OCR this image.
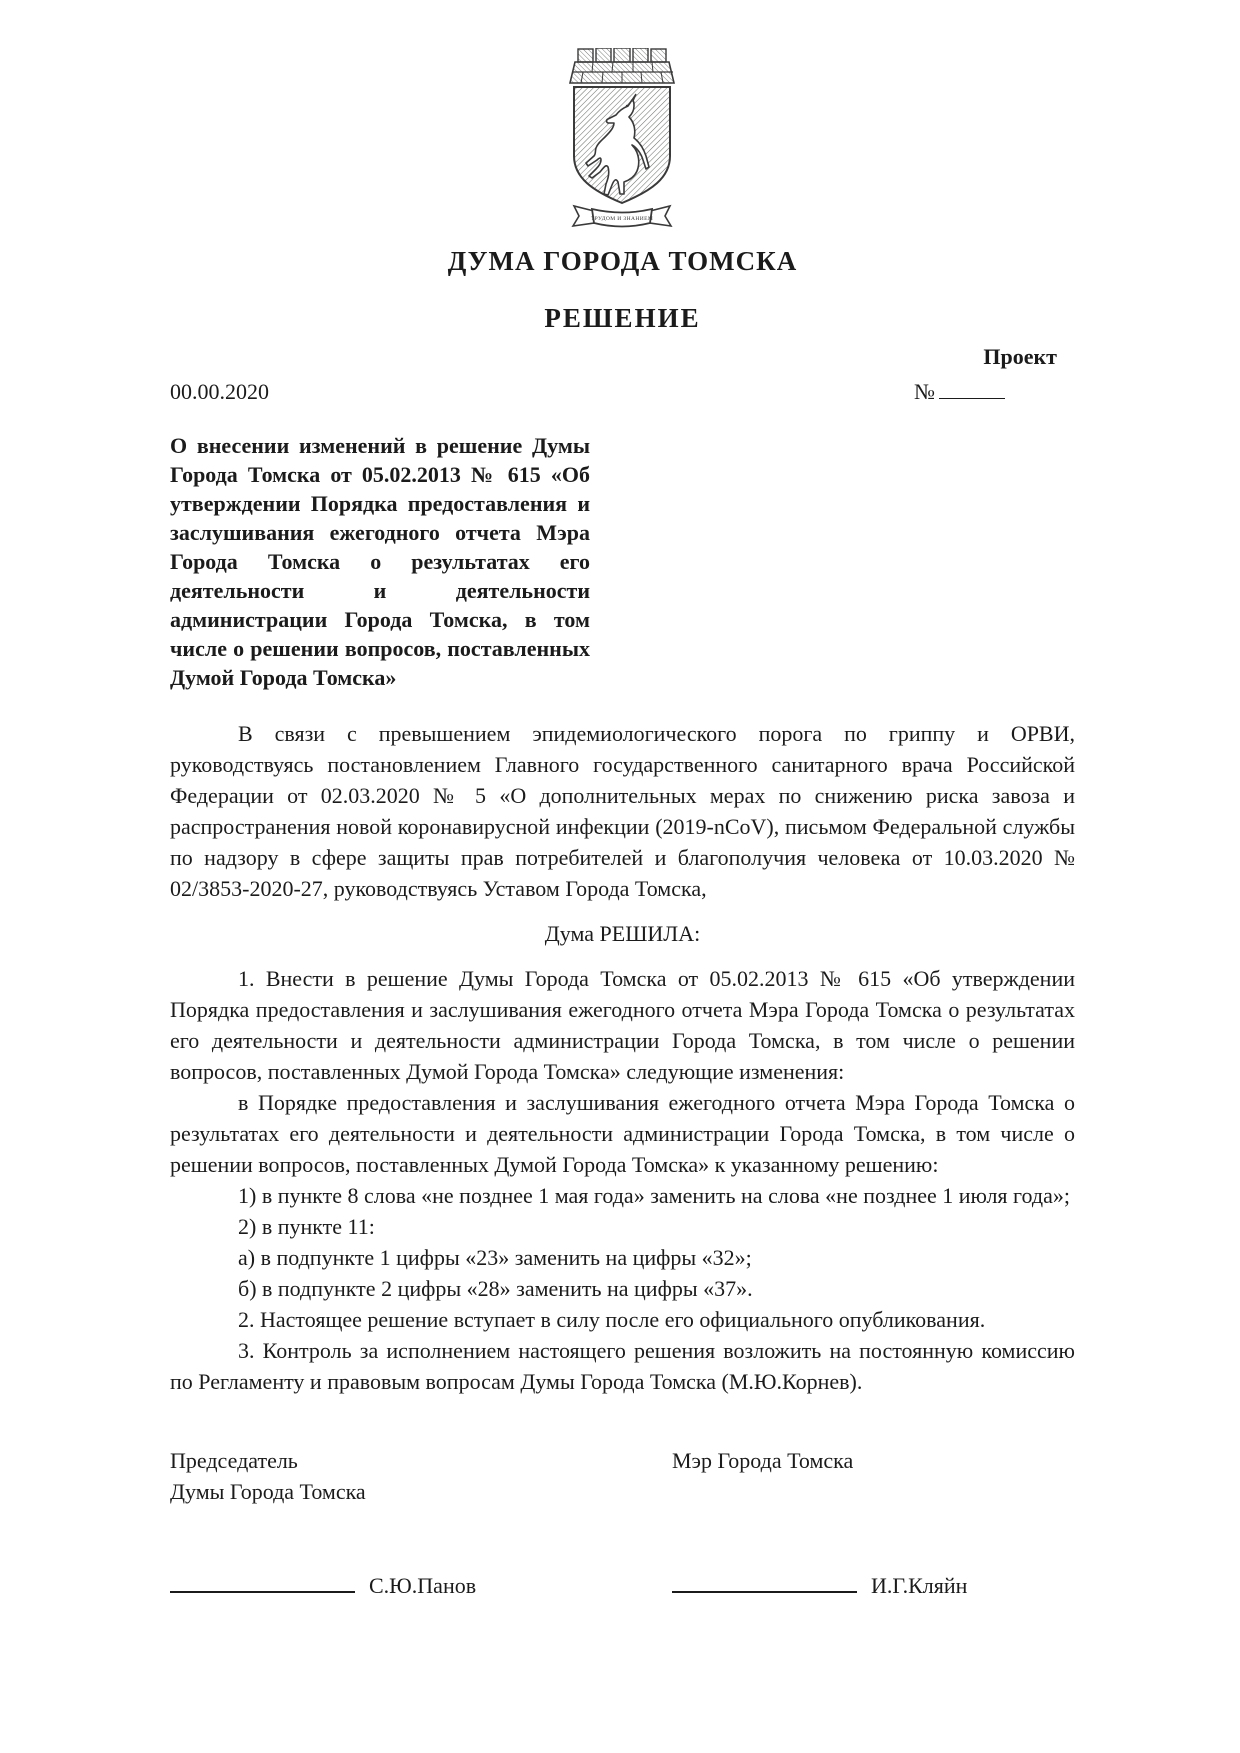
ТРУДОМ И ЗНАНИЕМ
ДУМА ГОРОДА ТОМСКА
РЕШЕНИЕ
Проект
00.00.2020	№

О внесении изменений в решение Думы Города Томска от 05.02.2013 № 615 «Об утверждении Порядка предоставления и заслушивания ежегодного отчета Мэра Города Томска о результатах его деятельности и деятельности администрации Города Томска, в том числе о решении вопросов, поставленных Думой Города Томска»

В связи с превышением эпидемиологического порога по гриппу и ОРВИ, руководствуясь постановлением Главного государственного санитарного врача Российской Федерации от 02.03.2020 № 5 «О дополнительных мерах по снижению риска завоза и распространения новой коронавирусной инфекции (2019-nCoV), письмом Федеральной службы по надзору в сфере защиты прав потребителей и благополучия человека от 10.03.2020 № 02/3853-2020-27, руководствуясь Уставом Города Томска,

Дума РЕШИЛА:

1. Внести в решение Думы Города Томска от 05.02.2013 № 615 «Об утверждении Порядка предоставления и заслушивания ежегодного отчета Мэра Города Томска о результатах его деятельности и деятельности администрации Города Томска, в том числе о решении вопросов, поставленных Думой Города Томска» следующие изменения:

в Порядке предоставления и заслушивания ежегодного отчета Мэра Города Томска о результатах его деятельности и деятельности администрации Города Томска, в том числе о решении вопросов, поставленных Думой Города Томска» к указанному решению:

1) в пункте 8 слова «не позднее 1 мая года» заменить на слова «не позднее 1 июля года»;

2) в пункте 11:

а) в подпункте 1 цифры «23» заменить на цифры «32»;

б) в подпункте 2 цифры «28» заменить на цифры «37».

2. Настоящее решение вступает в силу после его официального опубликования.

3. Контроль за исполнением настоящего решения возложить на постоянную комиссию по Регламенту и правовым вопросам Думы Города Томска (М.Ю.Корнев).

Председатель

Думы Города Томска

Мэр Города Томска

С.Ю.Панов	И.Г.Кляйн
